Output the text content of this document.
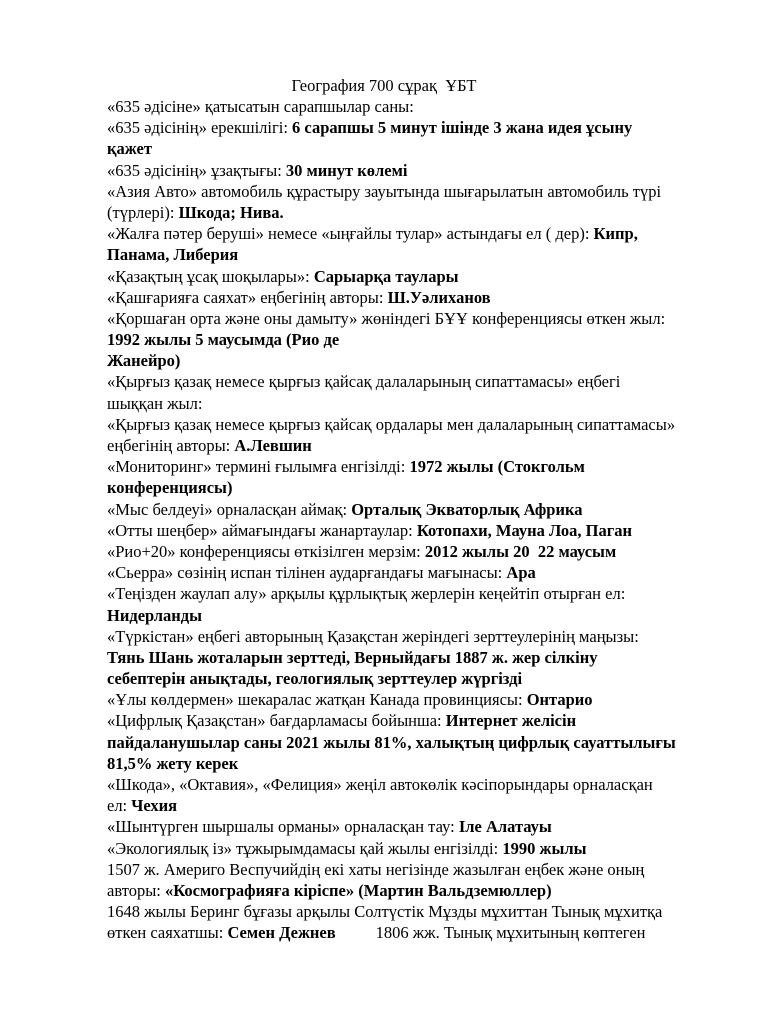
География 700 сұрақ  ҰБТ
«635 әдісіне» қатысатын сарапшылар саны:
«635 әдісінің» ерекшілігі: 6 сарапшы 5 минут ішінде 3 жана идея ұсыну
қажет
«635 әдісінің» ұзақтығы: 30 минут көлемі
«Азия Авто» автомобиль құрастыру зауытында шығарылатын автомобиль түрі
(түрлері): Шкода; Нива.
«Жалға пәтер беруші» немесе «ыңғайлы тулар» астындағы ел ( дер): Кипр,
Панама, Либерия
«Қазақтың ұсақ шоқылары»: Сарыарқа таулары
«Қашғарияға саяхат» еңбегінің авторы: Ш.Уәлиханов
«Қоршаған орта және оны дамыту» жөніндегі БҰҰ конференциясы өткен жыл:
1992 жылы 5 маусымда (Рио де
Жанейро)
«Қырғыз қазақ немесе қырғыз қайсақ далаларының сипаттамасы» еңбегі
шыққан жыл:
«Қырғыз қазақ немесе қырғыз қайсақ ордалары мен далаларының сипаттамасы»
еңбегінің авторы: А.Левшин
«Мониторинг» термині ғылымға енгізілді: 1972 жылы (Стокгольм
конференциясы)
«Мыс белдеуі» орналасқан аймақ: Орталық Экваторлық Африка
«Отты шеңбер» аймағындағы жанартаулар: Котопахи, Мауна Лоа, Паган
«Рио+20» конференциясы өткізілген мерзім: 2012 жылы 20  22 маусым
«Сьерра» сөзінің испан тілінен аударғандағы мағынасы: Ара
«Теңізден жаулап алу» арқылы құрлықтық жерлерін кеңейтіп отырған ел:
Нидерланды
«Түркістан» еңбегі авторының Қазақстан жеріндегі зерттеулерінің маңызы:
Тянь Шань жоталарын зерттеді, Верныйдағы 1887 ж. жер сілкіну
себептерін анықтады, геологиялық зерттеулер жүргізді
«Ұлы көлдермен» шекаралас жатқан Канада провинциясы: Онтарио
«Цифрлық Қазақстан» бағдарламасы бойынша: Интернет желісін
пайдаланушылар саны 2021 жылы 81%, халықтың цифрлық сауаттылығы
81,5% жету керек
«Шкода», «Октавия», «Фелиция» жеңіл автокөлік кәсіпорындары орналасқан
ел: Чехия
«Шынтүрген шыршалы орманы» орналасқан тау: Іле Алатауы
«Экологиялық із» тұжырымдамасы қай жылы енгізілді: 1990 жылы
1507 ж. Америго Веспучийдің екі хаты негізінде жазылған еңбек және оның
авторы: «Космографияға кіріспе» (Мартин Вальдземюллер)
1648 жылы Беринг бұғазы арқылы Солтүстік Мұзды мұхиттан Тынық мұхитқа
өткен саяхатшы: Семен Дежнев 1806 жж. Тынық мұхитының көптеген
